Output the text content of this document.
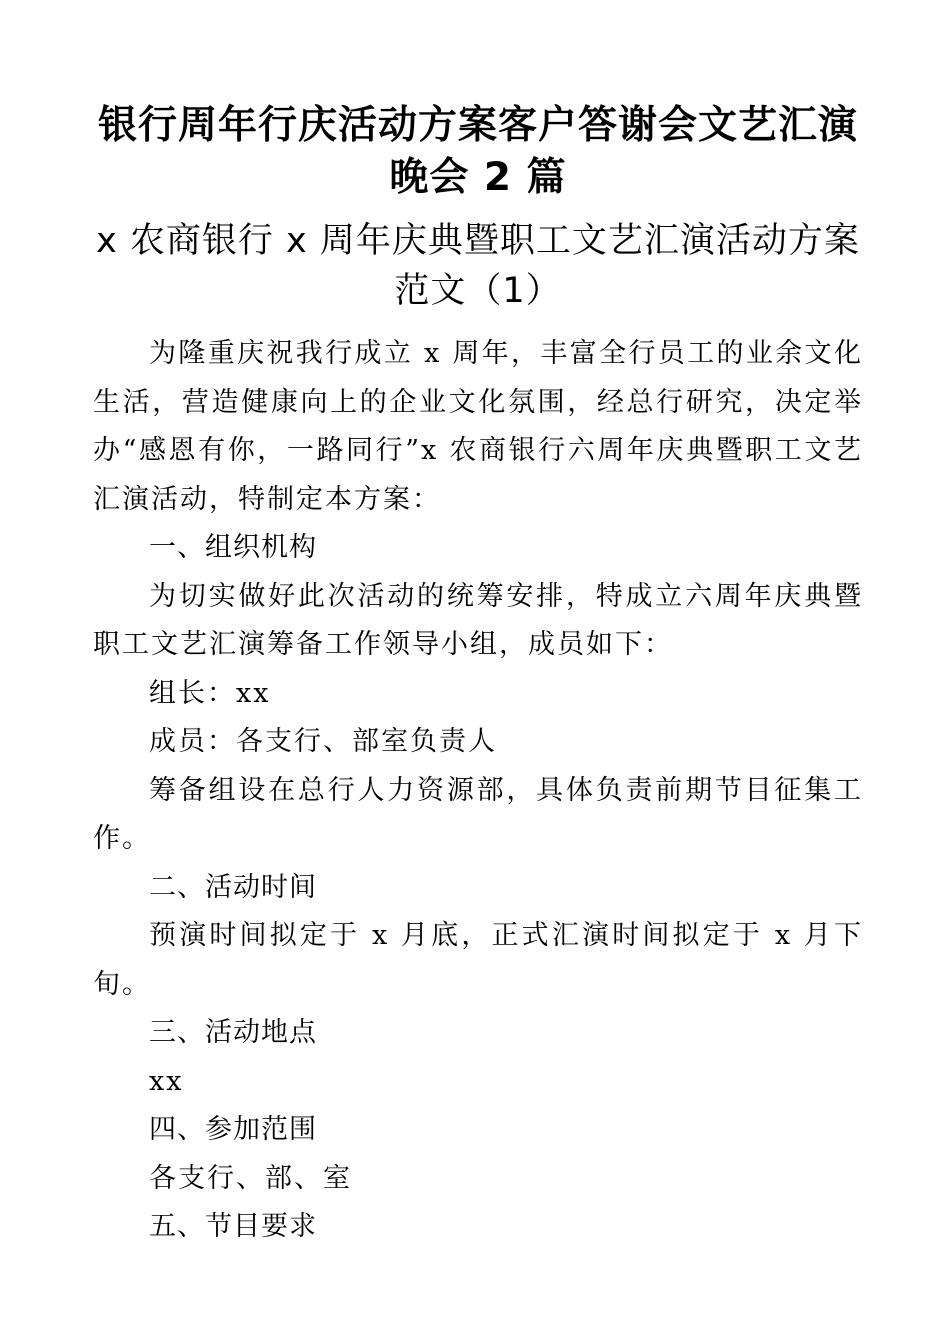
银行周年行庆活动方案客户答谢会文艺汇演晚会 2 篇
x 农商银行 x 周年庆典暨职工文艺汇演活动方案范文（1）

为隆重庆祝我行成立 x 周年，丰富全行员工的业余文化生活，营造健康向上的企业文化氛围，经总行研究，决定举办“感恩有你，一路同行”x 农商银行六周年庆典暨职工文艺汇演活动，特制定本方案：

一、组织机构

为切实做好此次活动的统筹安排，特成立六周年庆典暨职工文艺汇演筹备工作领导小组，成员如下：

组长：xx

成员：各支行、部室负责人

筹备组设在总行人力资源部，具体负责前期节目征集工作。

二、活动时间

预演时间拟定于 x 月底，正式汇演时间拟定于 x 月下旬。

三、活动地点

xx

四、参加范围

各支行、部、室

五、节目要求
